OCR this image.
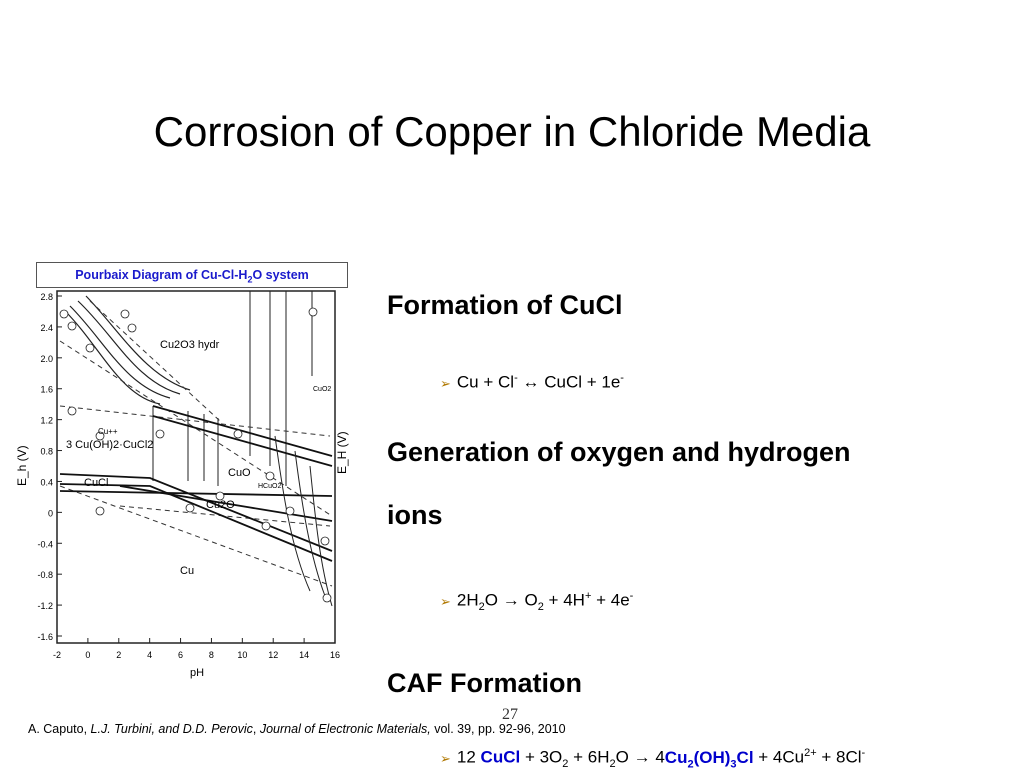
Corrosion of Copper in Chloride Media
Pourbaix Diagram of $Cu-Cl-H_2O$ system
2.8
2.4
2.0
1.6
1.2
0.8
0.4
0
-0.4
-0.8
-1.2
-1.6
-2	0	2	4	6	8	10 12 14 16
E_h (V)	E_H (V)
pH
Cu2O3 hydr
Cu++
3 Cu(OH)2·CuCl2
CuCl
Cu2O
CuO
Cu
HCuO2
CuO2
Formation of CuCl
➢ Cu + Cl- ↔ CuCl + 1e-
Generation of oxygen and hydrogen
ions
➢ $2H_2O \to O_2 + 4H^+ + 4e^-$
CAF Formation
27
A. Caputo, L.J. Turbini, and D.D. Perovic, Journal of Electronic Materials, vol. 39, pp. 92-96, 2010
➢ 12 CuCl + $3O_2 + 6H_2O \to 4Cu_2(OH)_3Cl + 4Cu^{2+} + 8Cl^-$
